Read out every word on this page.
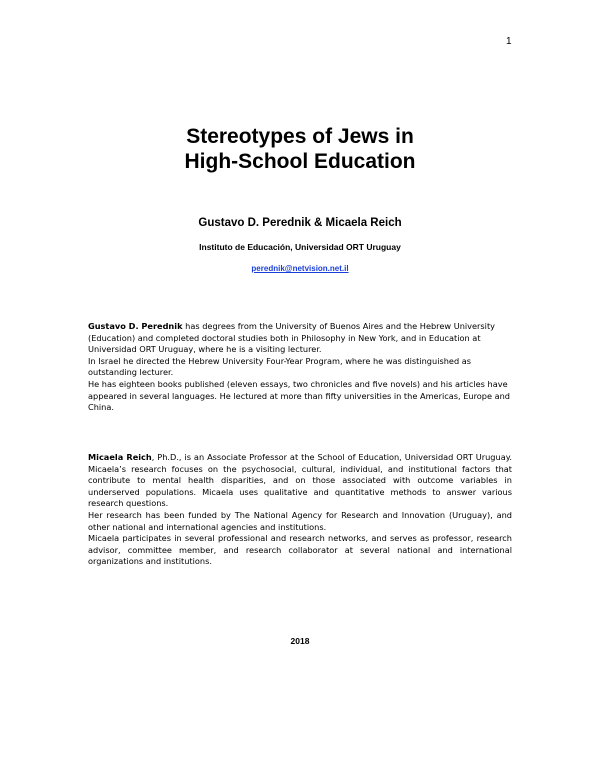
1
Stereotypes of Jews in
High-School Education
Gustavo D. Perednik & Micaela Reich
Instituto de Educación, Universidad ORT Uruguay
perednik@netvision.net.il

Gustavo D. Perednik has degrees from the University of Buenos Aires and the Hebrew University (Education) and completed doctoral studies both in Philosophy in New York, and in Education at Universidad ORT Uruguay, where he is a visiting lecturer.

In Israel he directed the Hebrew University Four-Year Program, where he was distinguished as outstanding lecturer.

He has eighteen books published (eleven essays, two chronicles and five novels) and his articles have appeared in several languages. He lectured at more than fifty universities in the Americas, Europe and China.

Micaela Reich, Ph.D., is an Associate Professor at the School of Education, Universidad ORT Uruguay. Micaela’s research focuses on the psychosocial, cultural, individual, and institutional factors that contribute to mental health disparities, and on those associated with outcome variables in underserved populations. Micaela uses qualitative and quantitative methods to answer various research questions.

Her research has been funded by The National Agency for Research and Innovation (Uruguay), and other national and international agencies and institutions.

Micaela participates in several professional and research networks, and serves as professor, research advisor, committee member, and research collaborator at several national and international organizations and institutions.

2018
